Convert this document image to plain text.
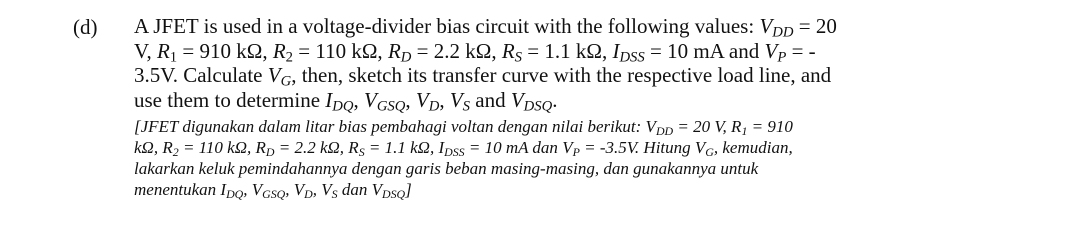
(d) A JFET is used in a voltage-divider bias circuit with the following values: $V_{DD} = 20$
V, $R_1 = 910$ kΩ, $R_2 = 110$ kΩ, $R_D = 2.2$ kΩ, $R_S = 1.1$ kΩ, $I_{DSS} = 10$ mA and $V_P$ = -
3.5V. Calculate $V_G$, then, sketch its transfer curve with the respective load line, and
use them to determine $I_{DQ}$, $V_{GSQ}$, $V_D$, $V_S$ and $V_{DSQ}$.

[JFET digunakan dalam litar bias pembahagi voltan dengan nilai berikut: $V_{DD} = 20$ V, $R_1 = 910$
kΩ, $R_2 = 110$ kΩ, $R_D = 2.2$ kΩ, $R_S = 1.1$ kΩ, $I_{DSS} = 10$ mA dan $V_P = -3.5V$. Hitung $V_G$, kemudian,
lakarkan keluk pemindahannya dengan garis beban masing-masing, dan gunakannya untuk
menentukan $I_{DQ}$, $V_{GSQ}$, $V_D$, $V_S$ dan $V_{DSQ}$]
